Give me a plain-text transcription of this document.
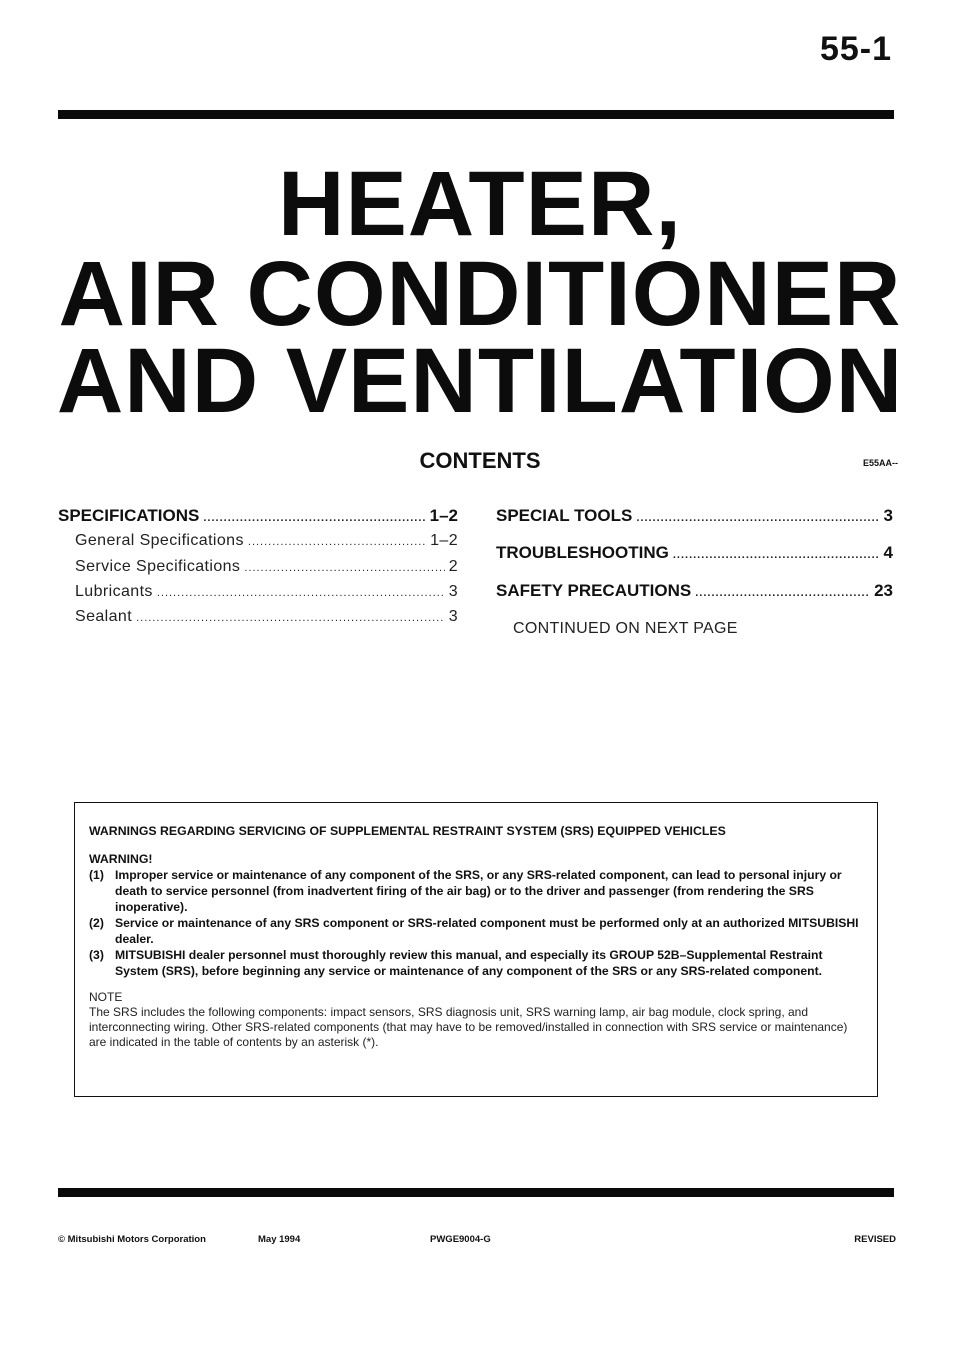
55-1
HEATER,
AIR CONDITIONER
AND VENTILATION
CONTENTS	E55AA--
SPECIFICATIONS .....	1–2
General Specifications .....	1–2
Service Specifications .....	2
Lubricants .....	3
Sealant .....	3
SPECIAL TOOLS .....	3
TROUBLESHOOTING .....	4
SAFETY PRECAUTIONS .....	23
CONTINUED ON NEXT PAGE
WARNINGS REGARDING SERVICING OF SUPPLEMENTAL RESTRAINT SYSTEM (SRS) EQUIPPED VEHICLES
WARNING!
(1) Improper service or maintenance of any component of the SRS, or any SRS-related component, can lead to personal injury or death to service personnel (from inadvertent firing of the air bag) or to the driver and passenger (from rendering the SRS inoperative).
(2) Service or maintenance of any SRS component or SRS-related component must be performed only at an authorized MITSUBISHI dealer.
(3) MITSUBISHI dealer personnel must thoroughly review this manual, and especially its GROUP 52B–Supplemental Restraint System (SRS), before beginning any service or maintenance of any component of the SRS or any SRS-related component.
NOTE
The SRS includes the following components: impact sensors, SRS diagnosis unit, SRS warning lamp, air bag module, clock spring, and interconnecting wiring. Other SRS-related components (that may have to be removed/installed in connection with SRS service or maintenance) are indicated in the table of contents by an asterisk (*).
© Mitsubishi Motors Corporation	May 1994	PWGE9004-G	REVISED
